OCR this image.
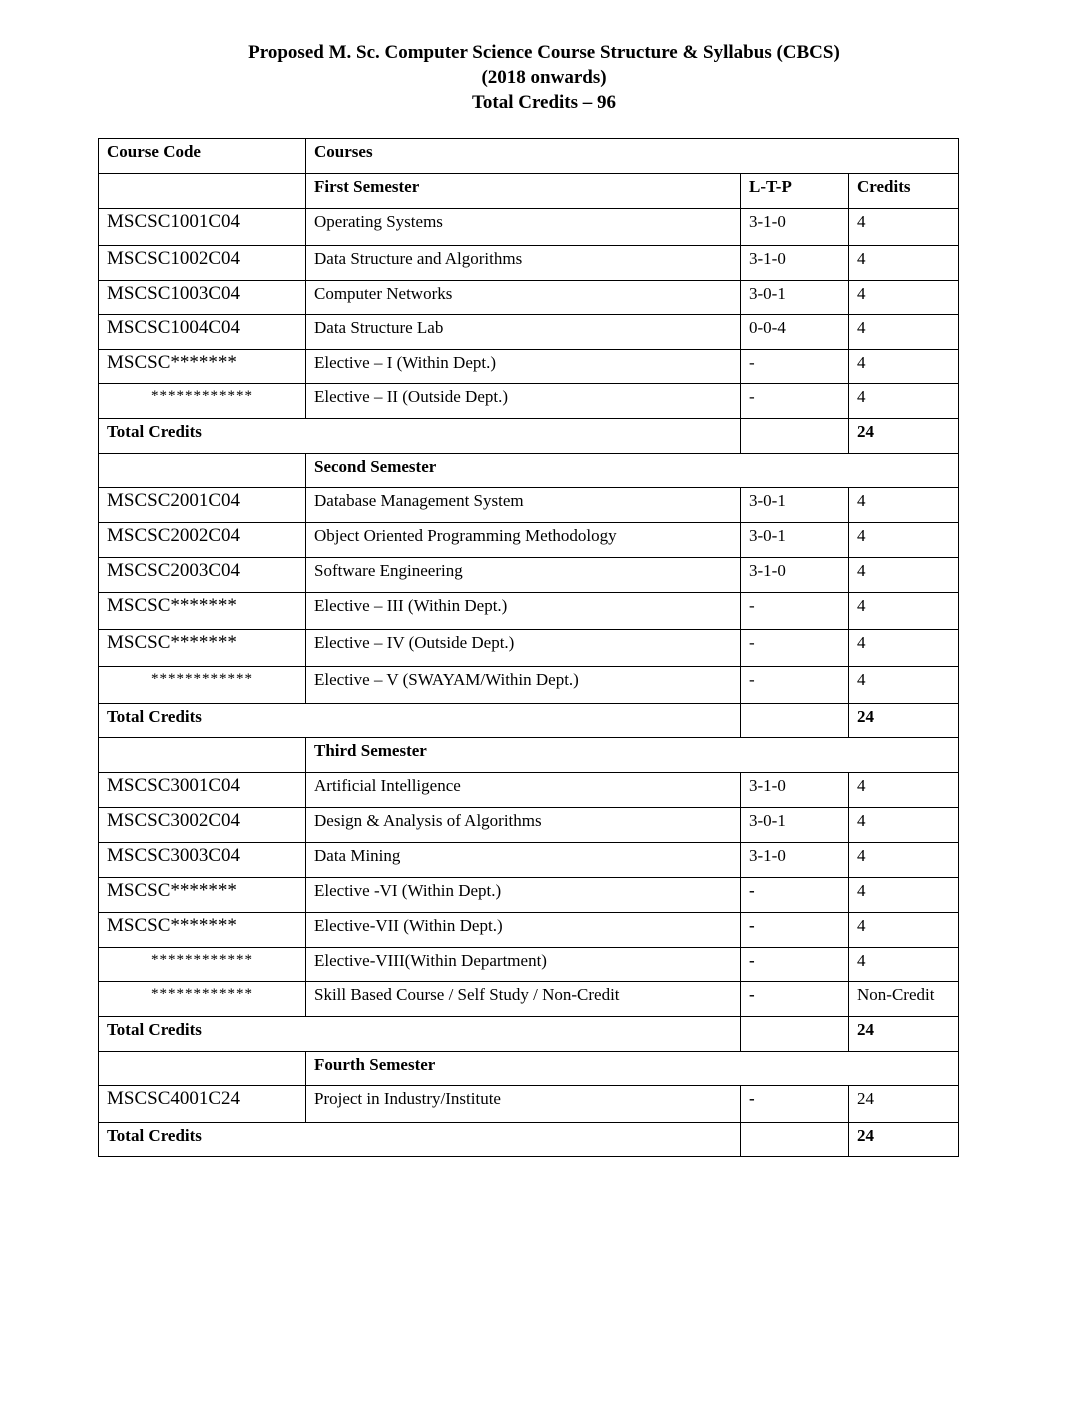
Proposed M. Sc. Computer Science Course Structure & Syllabus (CBCS)
(2018 onwards)
Total Credits – 96
Course Code	Courses		
	First Semester	L-T-P	Credits
MSCSC1001C04	Operating Systems	3-1-0	4
MSCSC1002C04	Data Structure and Algorithms	3-1-0	4
MSCSC1003C04	Computer Networks	3-0-1	4
MSCSC1004C04	Data Structure Lab	0-0-4	4
MSCSC*******	Elective – I (Within Dept.)	-	4
************	Elective – II (Outside Dept.)	-	4
Total Credits			24
	Second Semester		
MSCSC2001C04	Database Management System	3-0-1	4
MSCSC2002C04	Object Oriented Programming Methodology	3-0-1	4
MSCSC2003C04	Software Engineering	3-1-0	4
MSCSC*******	Elective – III (Within Dept.)	-	4
MSCSC*******	Elective – IV (Outside Dept.)	-	4
************	Elective – V (SWAYAM/Within Dept.)	-	4
Total Credits			24
	Third Semester		
MSCSC3001C04	Artificial Intelligence	3-1-0	4
MSCSC3002C04	Design & Analysis of Algorithms	3-0-1	4
MSCSC3003C04	Data Mining	3-1-0	4
MSCSC*******	Elective -VI (Within Dept.)	-	4
MSCSC*******	Elective-VII (Within Dept.)	-	4
************	Elective-VIII(Within Department)	-	4
************	Skill Based Course / Self Study / Non-Credit	-	Non-Credit
Total Credits			24
	Fourth Semester		
MSCSC4001C24	Project in Industry/Institute	-	24
Total Credits			24
